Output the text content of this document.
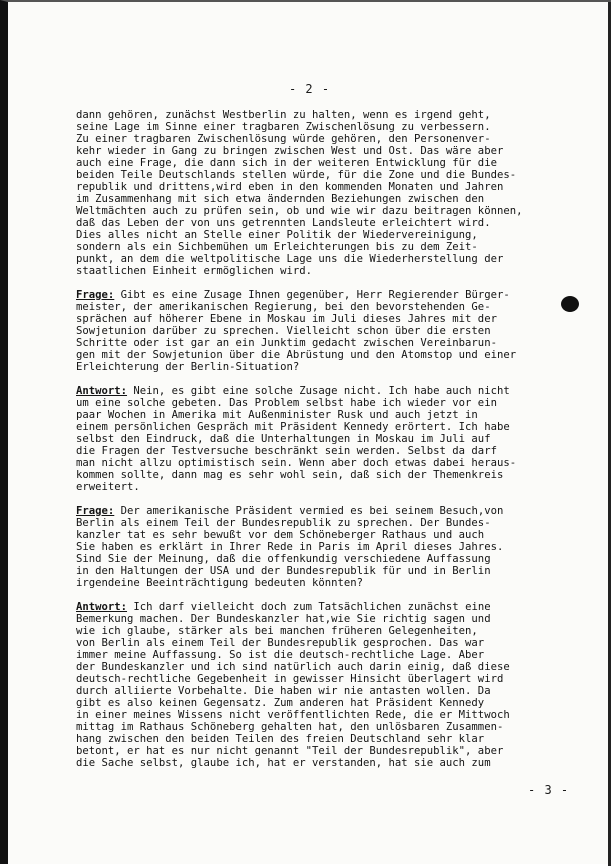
- 2 -
dann gehören, zunächst Westberlin zu halten, wenn es irgend geht,
seine Lage im Sinne einer tragbaren Zwischenlösung zu verbessern.
Zu einer tragbaren Zwischenlösung würde gehören, den Personenver-
kehr wieder in Gang zu bringen zwischen West und Ost. Das wäre aber
auch eine Frage, die dann sich in der weiteren Entwicklung für die
beiden Teile Deutschlands stellen würde, für die Zone und die Bundes-
republik und drittens,wird eben in den kommenden Monaten und Jahren
im Zusammenhang mit sich etwa ändernden Beziehungen zwischen den
Weltmächten auch zu prüfen sein, ob und wie wir dazu beitragen können,
daß das Leben der von uns getrennten Landsleute erleichtert wird.
Dies alles nicht an Stelle einer Politik der Wiedervereinigung,
sondern als ein Sichbemühen um Erleichterungen bis zu dem Zeit-
punkt, an dem die weltpolitische Lage uns die Wiederherstellung der
staatlichen Einheit ermöglichen wird.
Frage: Gibt es eine Zusage Ihnen gegenüber, Herr Regierender Bürger-
meister, der amerikanischen Regierung, bei den bevorstehenden Ge-
sprächen auf höherer Ebene in Moskau im Juli dieses Jahres mit der
Sowjetunion darüber zu sprechen. Vielleicht schon über die ersten
Schritte oder ist gar an ein Junktim gedacht zwischen Vereinbarun-
gen mit der Sowjetunion über die Abrüstung und den Atomstop und einer
Erleichterung der Berlin-Situation?
Antwort: Nein, es gibt eine solche Zusage nicht. Ich habe auch nicht
um eine solche gebeten. Das Problem selbst habe ich wieder vor ein
paar Wochen in Amerika mit Außenminister Rusk und auch jetzt in
einem persönlichen Gespräch mit Präsident Kennedy erörtert. Ich habe
selbst den Eindruck, daß die Unterhaltungen in Moskau im Juli auf
die Fragen der Testversuche beschränkt sein werden. Selbst da darf
man nicht allzu optimistisch sein. Wenn aber doch etwas dabei heraus-
kommen sollte, dann mag es sehr wohl sein, daß sich der Themenkreis
erweitert.
Frage: Der amerikanische Präsident vermied es bei seinem Besuch,von
Berlin als einem Teil der Bundesrepublik zu sprechen. Der Bundes-
kanzler tat es sehr bewußt vor dem Schöneberger Rathaus und auch
Sie haben es erklärt in Ihrer Rede in Paris im April dieses Jahres.
Sind Sie der Meinung, daß die offenkundig verschiedene Auffassung
in den Haltungen der USA und der Bundesrepublik für und in Berlin
irgendeine Beeinträchtigung bedeuten könnten?
Antwort: Ich darf vielleicht doch zum Tatsächlichen zunächst eine
Bemerkung machen. Der Bundeskanzler hat,wie Sie richtig sagen und
wie ich glaube, stärker als bei manchen früheren Gelegenheiten,
von Berlin als einem Teil der Bundesrepublik gesprochen. Das war
immer meine Auffassung. So ist die deutsch-rechtliche Lage. Aber
der Bundeskanzler und ich sind natürlich auch darin einig, daß diese
deutsch-rechtliche Gegebenheit in gewisser Hinsicht überlagert wird
durch alliierte Vorbehalte. Die haben wir nie antasten wollen. Da
gibt es also keinen Gegensatz. Zum anderen hat Präsident Kennedy
in einer meines Wissens nicht veröffentlichten Rede, die er Mittwoch
mittag im Rathaus Schöneberg gehalten hat, den unlösbaren Zusammen-
hang zwischen den beiden Teilen des freien Deutschland sehr klar
betont, er hat es nur nicht genannt "Teil der Bundesrepublik", aber
die Sache selbst, glaube ich, hat er verstanden, hat sie auch zum
- 3 -
